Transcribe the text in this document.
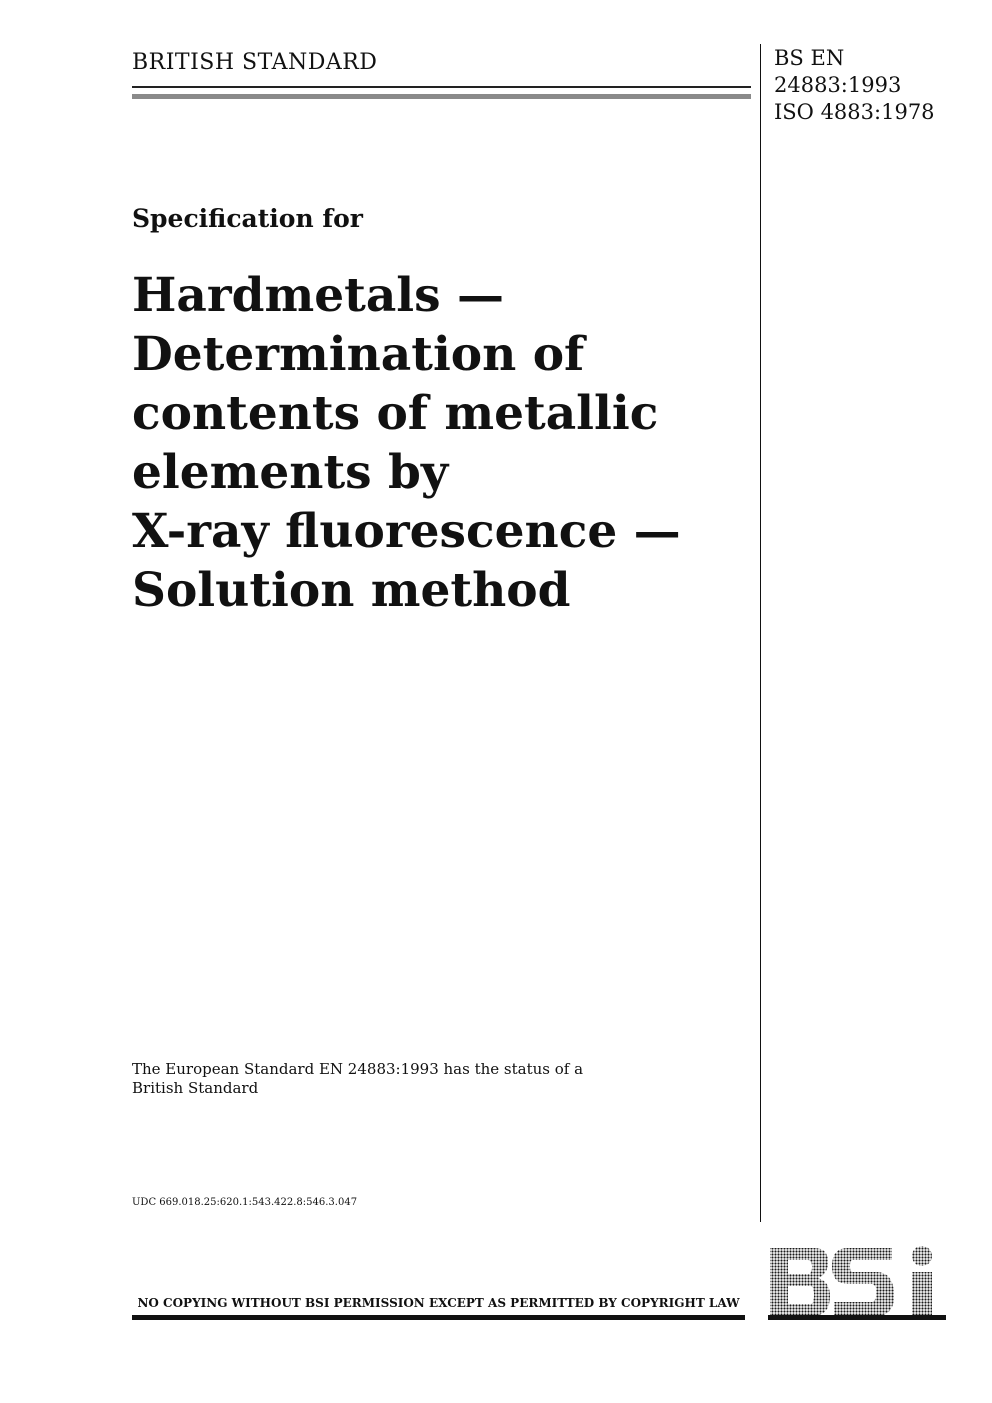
BRITISH STANDARD	BS EN
24883:1993
ISO 4883:1978
Specification for
Hardmetals —
Determination of
contents of metallic
elements by
X-ray fluorescence —
Solution method
The European Standard EN 24883:1993 has the status of a
British Standard
UDC 669.018.25:620.1:543.422.8:546.3.047
NO COPYING WITHOUT BSI PERMISSION EXCEPT AS PERMITTED BY COPYRIGHT LAW
